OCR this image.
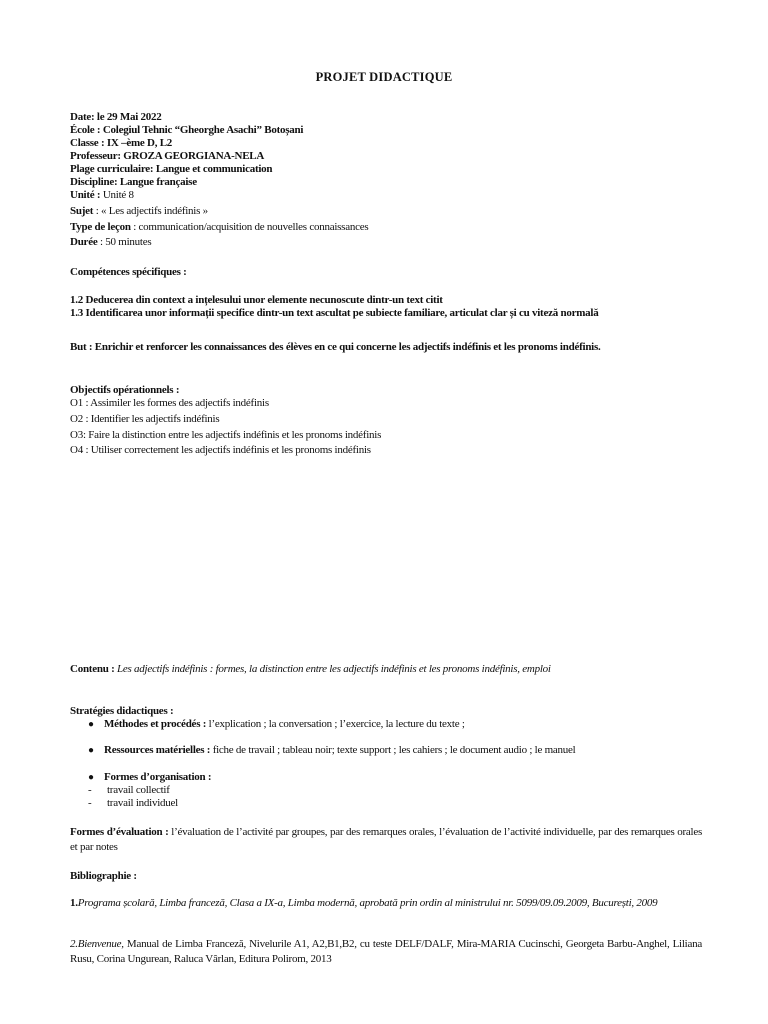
PROJET DIDACTIQUE
Date: le 29 Mai 2022
École : Colegiul Tehnic “Gheorghe Asachi” Botoșani
Classe : IX –ème D, L2
Professeur: GROZA GEORGIANA-NELA
Plage curriculaire: Langue et communication
Discipline: Langue française
Unité : Unité 8
Sujet : « Les adjectifs indéfinis »
Type de leçon : communication/acquisition de nouvelles connaissances
Durée : 50 minutes
Compétences spécifiques :
1.2 Deducerea din context a ințelesului unor elemente necunoscute dintr-un text citit
1.3 Identificarea unor informații specifice dintr-un text ascultat pe subiecte familiare, articulat clar și cu viteză normală
But : Enrichir et renforcer les connaissances des élèves en ce qui concerne les adjectifs indéfinis et les pronoms indéfinis.
Objectifs opérationnels :
O1 : Assimiler les formes des adjectifs indéfinis
O2 : Identifier les adjectifs indéfinis
O3: Faire la distinction entre les adjectifs indéfinis et les pronoms indéfinis
O4 : Utiliser correctement les adjectifs indéfinis et les pronoms indéfinis
Contenu : Les adjectifs indéfinis : formes, la distinction entre les adjectifs indéfinis et les pronoms indéfinis, emploi
Stratégies didactiques :
● Méthodes et procédés : l’explication ; la conversation ; l’exercice, la lecture du texte ;
● Ressources matérielles : fiche de travail ; tableau noir; texte support ; les cahiers ; le document audio ; le manuel
● Formes d’organisation :
- travail collectif
- travail individuel
Formes d’évaluation : l’évaluation de l’activité par groupes, par des remarques orales, l’évaluation de l’activité individuelle, par des remarques orales et par notes
Bibliographie :
1.Programa școlară, Limba franceză, Clasa a IX-a, Limba modernă, aprobată prin ordin al ministrului nr. 5099/09.09.2009, București, 2009
2.Bienvenue, Manual de Limba Franceză, Nivelurile A1, A2,B1,B2, cu teste DELF/DALF, Mira-MARIA Cucinschi, Georgeta Barbu-Anghel, Liliana Rusu, Corina Ungurean, Raluca Vârlan, Editura Polirom, 2013
